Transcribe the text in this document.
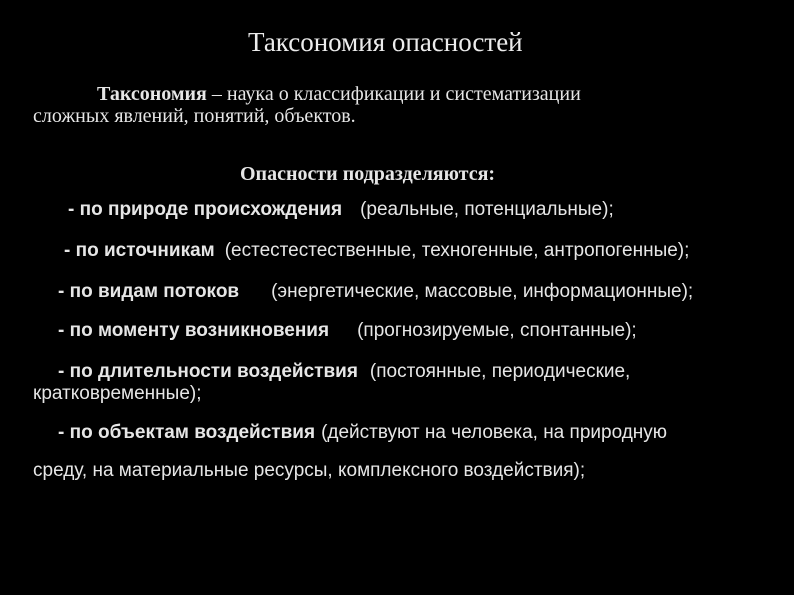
Таксономия опасностей
Таксономия – наука о классификации и систематизации
сложных явлений, понятий, объектов.
Опасности подразделяются:
- по природе происхождения (реальные, потенциальные);
- по источникам (естестестественные, техногенные, антропогенные);
- по видам потоков (энергетические, массовые, информационные);
- по моменту возникновения (прогнозируемые, спонтанные);
- по длительности воздействия (постоянные, периодические,
кратковременные);
- по объектам воздействия (действуют на человека, на природную
среду, на материальные ресурсы, комплексного воздействия);
